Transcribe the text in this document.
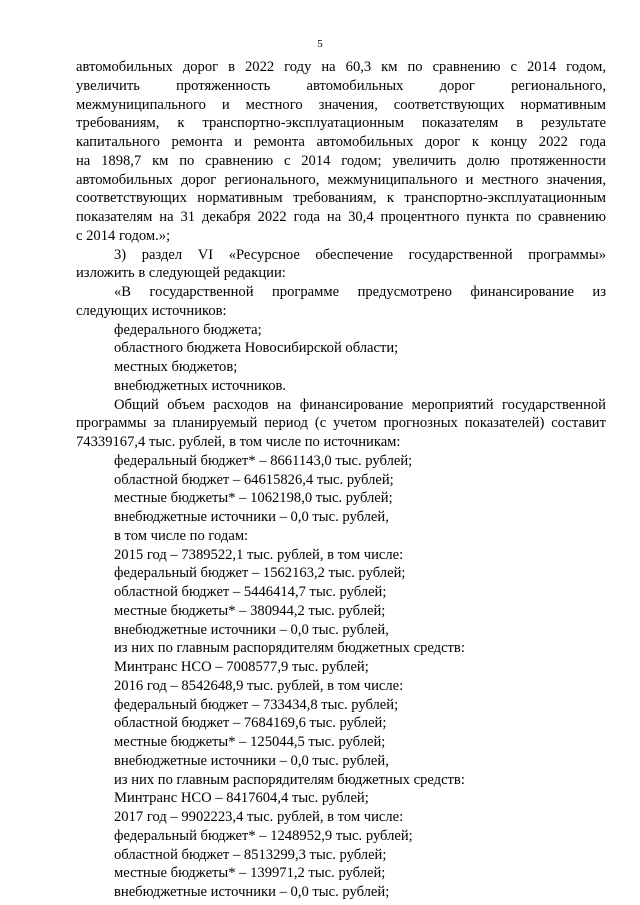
5
автомобильных дорог в 2022 году на 60,3 км по сравнению с 2014 годом,
увеличить протяженность автомобильных дорог регионального,
межмуниципального и местного значения, соответствующих нормативным
требованиям, к транспортно-эксплуатационным показателям в результате
капитального ремонта и ремонта автомобильных дорог к концу 2022 года
на 1898,7 км по сравнению с 2014 годом; увеличить долю протяженности
автомобильных дорог регионального, межмуниципального и местного значения,
соответствующих нормативным требованиям, к транспортно-эксплуатационным
показателям на 31 декабря 2022 года на 30,4 процентного пункта по сравнению
с 2014 годом.»;
3) раздел VI «Ресурсное обеспечение государственной программы»
изложить в следующей редакции:
«В государственной программе предусмотрено финансирование из
следующих источников:
федерального бюджета;
областного бюджета Новосибирской области;
местных бюджетов;
внебюджетных источников.
Общий объем расходов на финансирование мероприятий государственной
программы за планируемый период (с учетом прогнозных показателей) составит
74339167,4 тыс. рублей, в том числе по источникам:
федеральный бюджет* – 8661143,0 тыс. рублей;
областной бюджет – 64615826,4 тыс. рублей;
местные бюджеты* – 1062198,0 тыс. рублей;
внебюджетные источники – 0,0 тыс. рублей,
в том числе по годам:
2015 год – 7389522,1 тыс. рублей, в том числе:
федеральный бюджет – 1562163,2 тыс. рублей;
областной бюджет – 5446414,7 тыс. рублей;
местные бюджеты* – 380944,2 тыс. рублей;
внебюджетные источники – 0,0 тыс. рублей,
из них по главным распорядителям бюджетных средств:
Минтранс НСО – 7008577,9 тыс. рублей;
2016 год – 8542648,9 тыс. рублей, в том числе:
федеральный бюджет – 733434,8 тыс. рублей;
областной бюджет – 7684169,6 тыс. рублей;
местные бюджеты* – 125044,5 тыс. рублей;
внебюджетные источники – 0,0 тыс. рублей,
из них по главным распорядителям бюджетных средств:
Минтранс НСО – 8417604,4 тыс. рублей;
2017 год – 9902223,4 тыс. рублей, в том числе:
федеральный бюджет* – 1248952,9 тыс. рублей;
областной бюджет – 8513299,3 тыс. рублей;
местные бюджеты* – 139971,2 тыс. рублей;
внебюджетные источники – 0,0 тыс. рублей;
